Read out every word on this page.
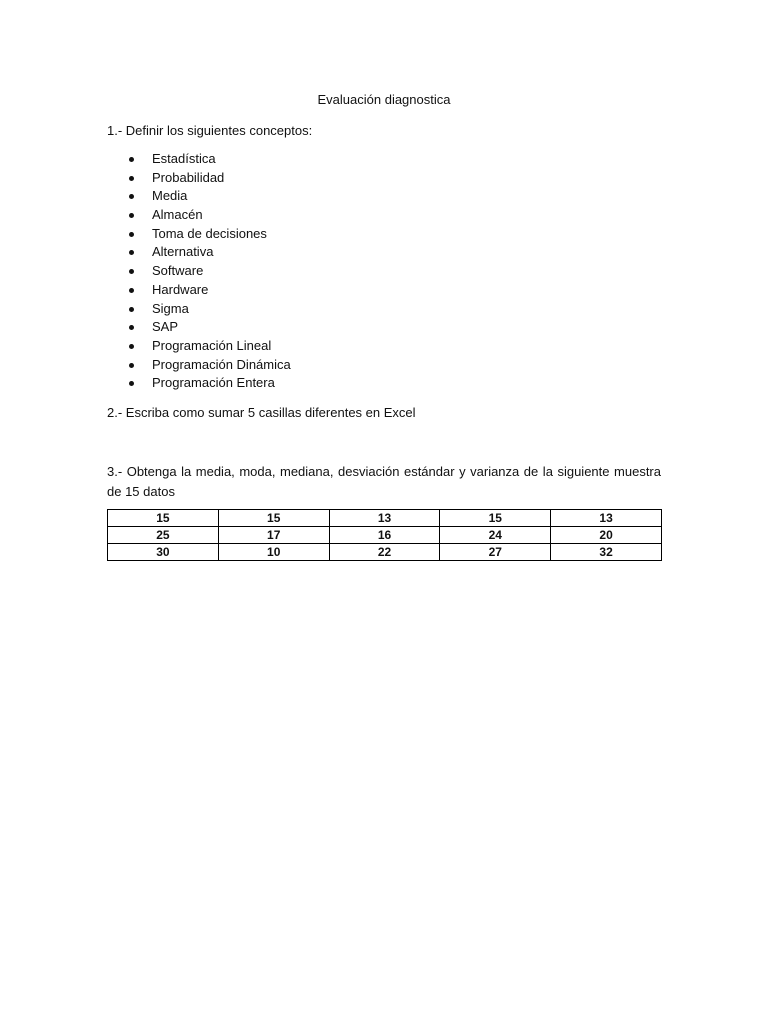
Evaluación diagnostica
1.- Definir los siguientes conceptos:
Estadística
Probabilidad
Media
Almacén
Toma de decisiones
Alternativa
Software
Hardware
Sigma
SAP
Programación Lineal
Programación Dinámica
Programación Entera
2.- Escriba como sumar 5 casillas diferentes en Excel
3.- Obtenga la media, moda, mediana, desviación estándar y varianza de la siguiente muestra de 15 datos
15	15	13	15	13
25	17	16	24	20
30	10	22	27	32
